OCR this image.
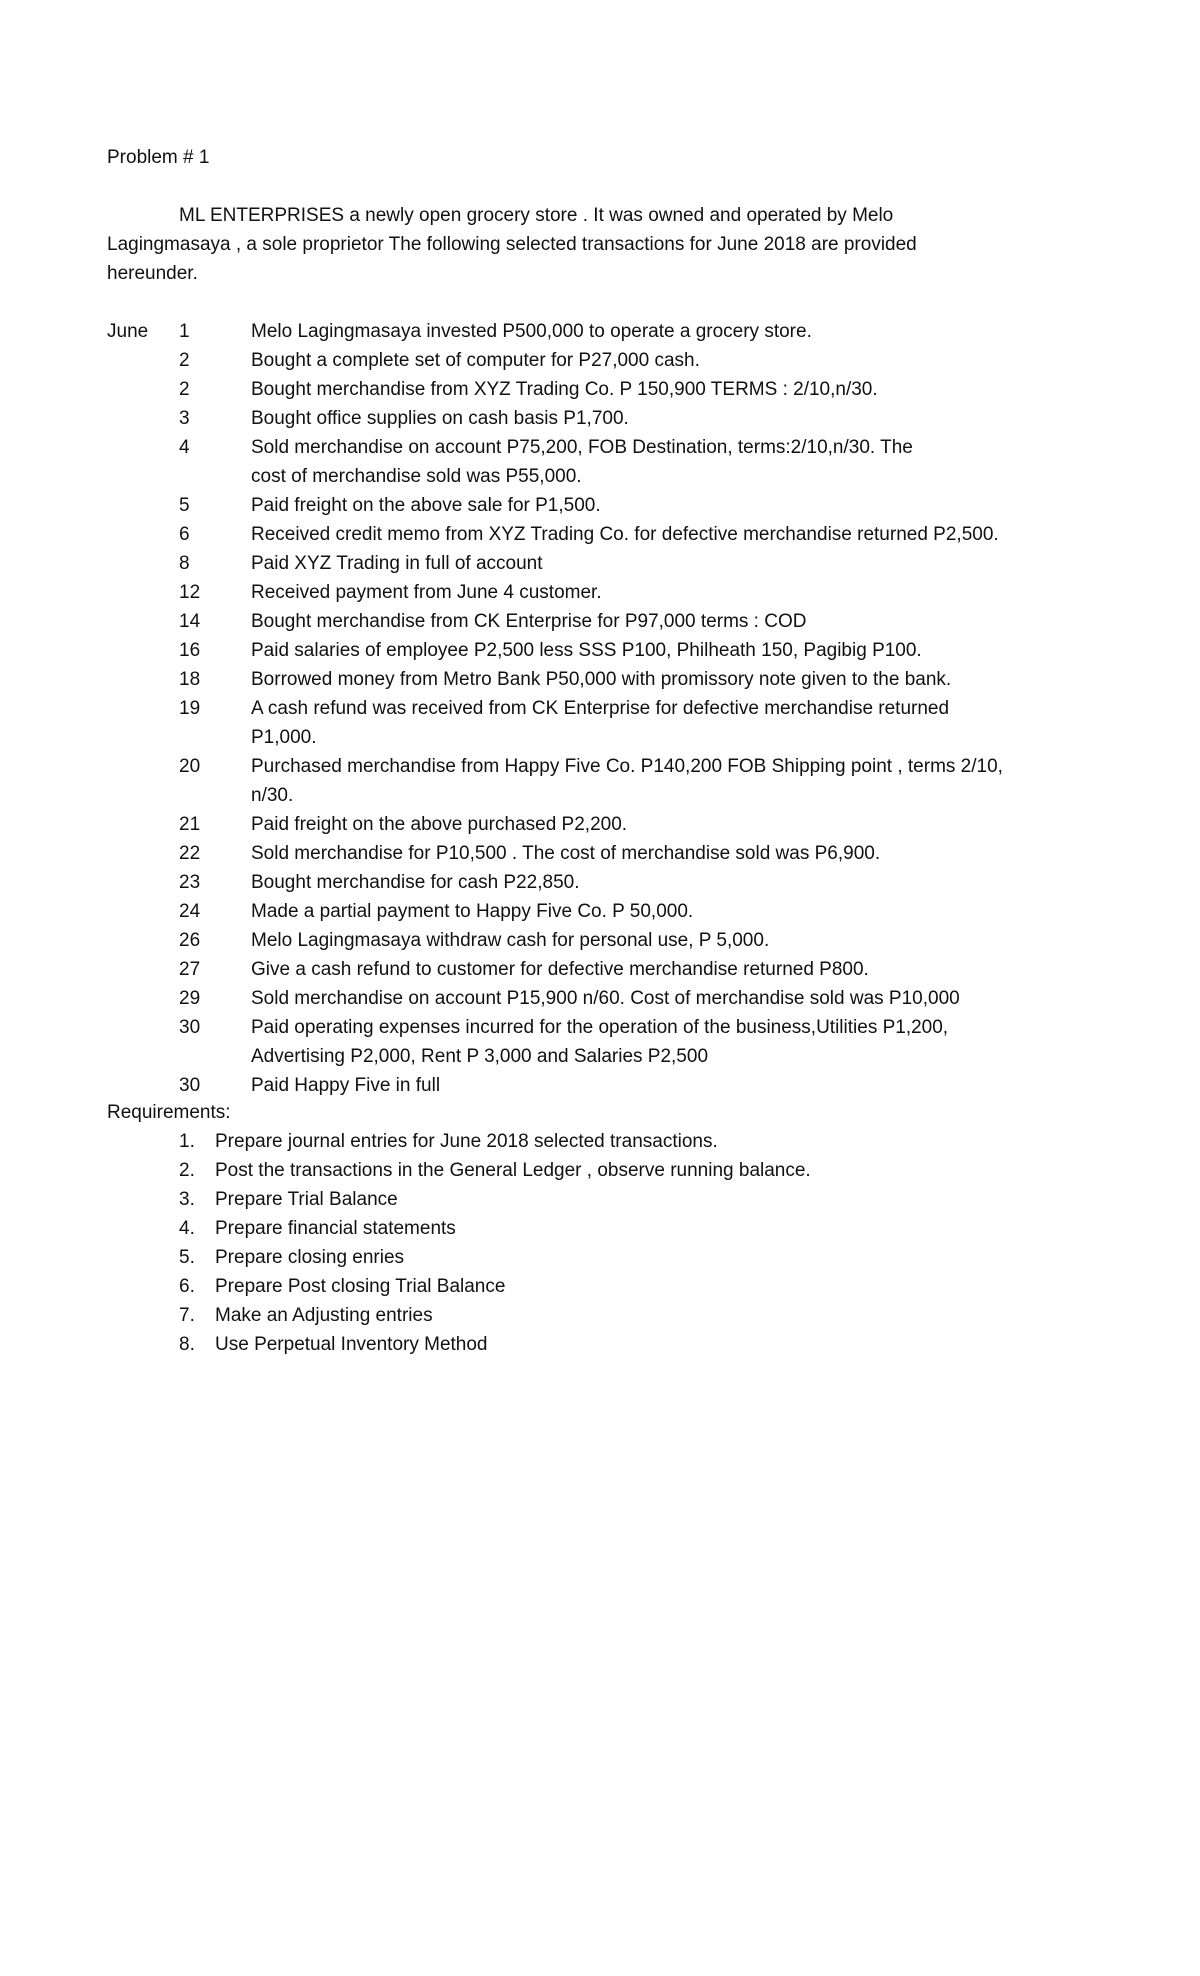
Problem # 1
ML ENTERPRISES a newly open grocery store . It was owned and operated by Melo
Lagingmasaya , a sole proprietor The following selected transactions for June 2018 are provided
hereunder.
June	1	Melo Lagingmasaya invested P500,000 to operate a grocery store.
2	Bought a complete set of computer for P27,000 cash.
2	Bought merchandise from XYZ Trading Co. P 150,900 TERMS : 2/10,n/30.
3	Bought office supplies on cash basis P1,700.
4	Sold merchandise on account P75,200, FOB Destination, terms:2/10,n/30. The
cost of merchandise sold was P55,000.
5	Paid freight on the above sale for P1,500.
6	Received credit memo from XYZ Trading Co. for defective merchandise returned P2,500.
8	Paid XYZ Trading in full of account
12	Received payment from June 4 customer.
14	Bought merchandise from CK Enterprise for P97,000 terms : COD
16	Paid salaries of employee P2,500 less SSS P100, Philheath 150, Pagibig P100.
18	Borrowed money from Metro Bank P50,000 with promissory note given to the bank.
19	A cash refund was received from CK Enterprise for defective merchandise returned
P1,000.
20	Purchased merchandise from Happy Five Co. P140,200 FOB Shipping point , terms 2/10,
n/30.
21	Paid freight on the above purchased P2,200.
22	Sold merchandise for P10,500 . The cost of merchandise sold was P6,900.
23	Bought merchandise for cash P22,850.
24	Made a partial payment to Happy Five Co. P 50,000.
26	Melo Lagingmasaya withdraw cash for personal use, P 5,000.
27	Give a cash refund to customer for defective merchandise returned P800.
29	Sold merchandise on account P15,900 n/60. Cost of merchandise sold was P10,000
30	Paid operating expenses incurred for the operation of the business,Utilities P1,200,
Advertising P2,000, Rent P 3,000 and Salaries P2,500
30	Paid Happy Five in full
Requirements:
1.	Prepare journal entries for June 2018 selected transactions.
2.	Post the transactions in the General Ledger , observe running balance.
3.	Prepare Trial Balance
4.	Prepare financial statements
5.	Prepare closing enries
6.	Prepare Post closing Trial Balance
7.	Make an Adjusting entries
8.	Use Perpetual Inventory Method
